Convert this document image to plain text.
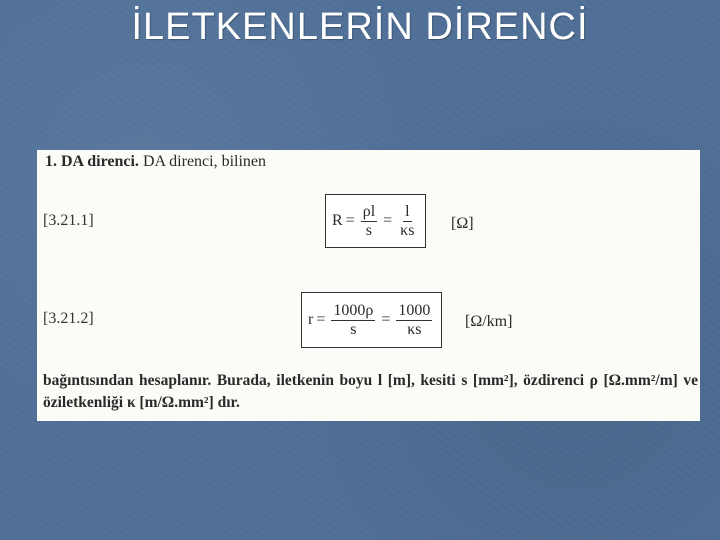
İLETKENLERİN DİRENCİ
1. DA direnci. DA direnci, bilinen
[3.21.1]	$R = \frac{\rho l}{s} = \frac{l}{\kappa s} [\Omega]$
[3.21.2]	$r = \frac{1000\rho}{s} = \frac{1000}{\kappa s} [\Omega/km]$
bağıntısından hesaplanır. Burada, iletkenin boyu l [m], kesiti s [mm²], özdirenci ρ [Ω.mm²/m] ve öziletkenliği κ [m/Ω.mm²] dır.
